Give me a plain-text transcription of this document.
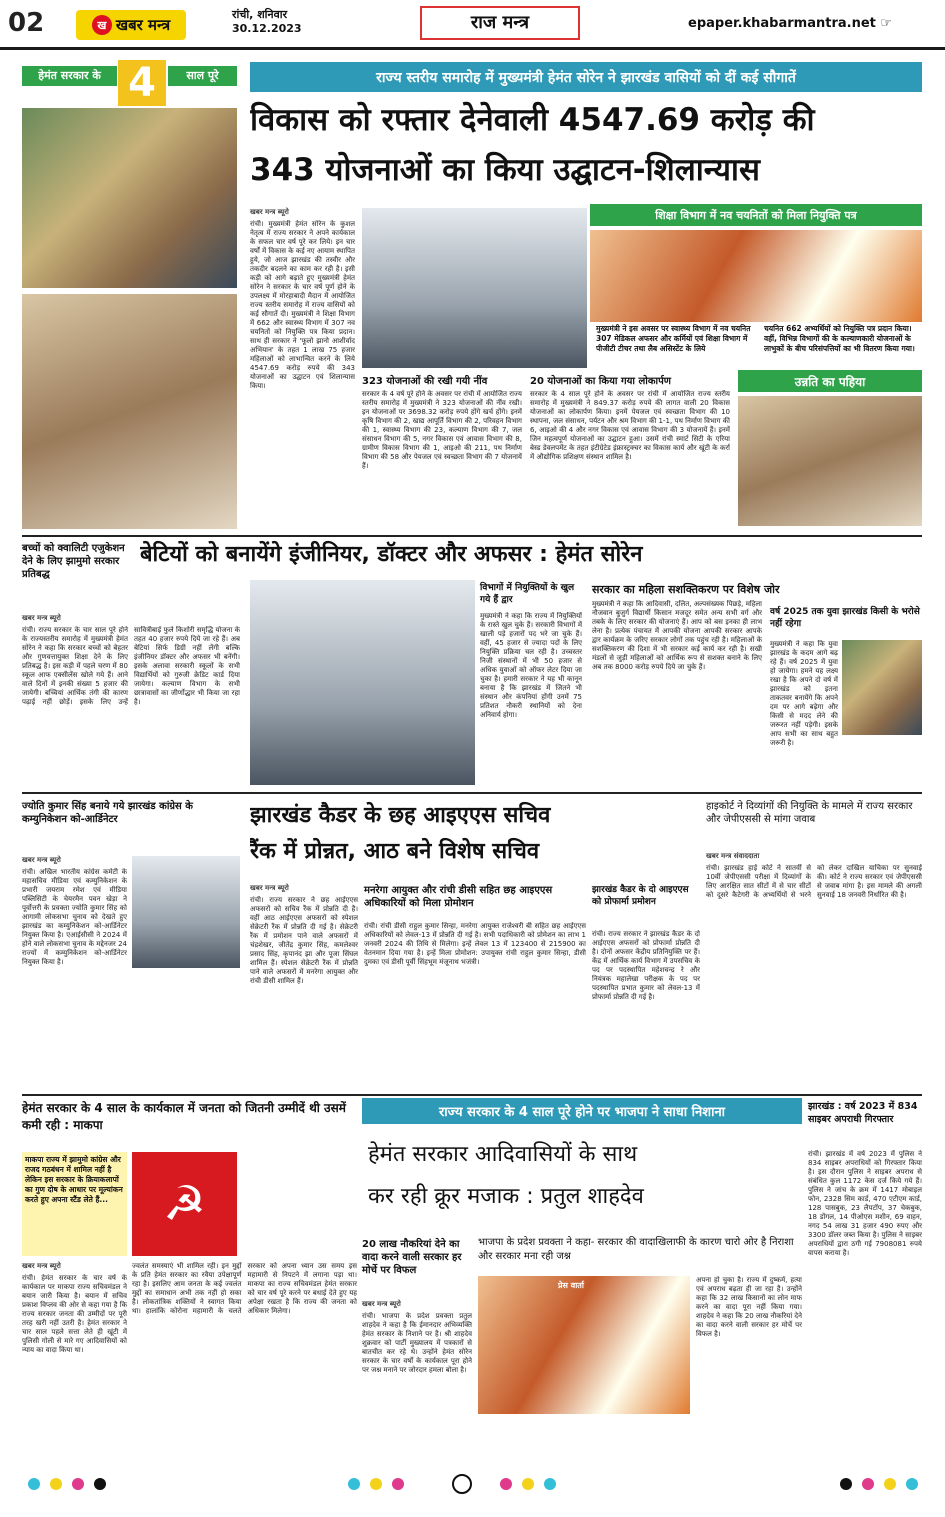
02	ख खबर मन्त्र
रांची, शनिवार
30.12.2023	राज मन्त्र	epaper.khabarmantra.net ☞
हेमंत सरकार के 4	साल पूरे	राज्य स्तरीय समारोह में मुख्यमंत्री हेमंत सोरेन ने झारखंड वासियों को दीं कई सौगातें
विकास को रफ्तार देनेवाली 4547.69 करोड़ की
343 योजनाओं का किया उद्घाटन-शिलान्यास
खबर मन्त्र ब्यूरो
रांची। मुख्यमंत्री हेमंत सोरेन के कुशल नेतृत्व में राज्य सरकार ने अपने कार्यकाल के सफल चार वर्ष पूरे कर लिये। इन चार वर्षों में विकास के कई नए आयाम स्थापित हुये, जो आज झारखंड की तस्वीर और तकदीर बदलने का काम कर रही है। इसी कड़ी को आगे बढ़ाते हुए मुख्यमंत्री हेमंत सोरेन ने सरकार के चार वर्ष पूर्ण होने के उपलक्ष्य में मोरहाबादी मैदान में आयोजित राज्य स्तरीय समारोह में राज्य वासियों को कई सौगातें दी। मुख्यमंत्री ने शिक्षा विभाग में 662 और स्वास्थ्य विभाग में 307 नव चयनितों को नियुक्ति पत्र किया प्रदान। साथ ही सरकार ने 'फूलो झानो आशीर्वाद अभियान' के तहत 1 लाख 75 हजार महिलाओं को लाभान्वित करने के लिये 4547.69 करोड़ रुपये की 343 योजनाओं का उद्घाटन एवं शिलान्यास किया।
शिक्षा विभाग में नव चयनितों को मिला नियुक्ति पत्र
मुख्यमंत्री ने इस अवसर पर स्वास्थ्य विभाग में नव चयनित 307 मेडिकल अफसर और कर्मियों एवं शिक्षा विभाग में पीजीटी टीचर तथा लैब असिस्टेंट के लिये
चयनित 662 अभ्यर्थियों को नियुक्ति पत्र प्रदान किया। वहीं, विभिन्न विभागों की के कल्याणकारी योजनाओं के लाभुकों के बीच परिसंपत्तियों का भी वितरण किया गया।
323 योजनाओं की रखी गयी नींव
सरकार के 4 वर्ष पूरे होने के अवसर पर रांची में आयोजित राज्य स्तरीय समारोह में मुख्यमंत्री ने 323 योजनाओं की नींव रखी। इन योजनाओं पर 3698.32 करोड़ रुपये होंगे खर्च होंगे। इनमें कृषि विभाग की 2, खाद्य आपूर्ति विभाग की 2, परिवहन विभाग की 1, स्वास्थ्य विभाग की 23, कल्याण विभाग की 7, जल संसाधन विभाग की 5, नगर विकास एवं आवास विभाग की 8, ग्रामीण विकास विभाग की 1, आइओ की 211, पथ निर्माण विभाग की 58 और पेयजल एवं स्वच्छता विभाग की 7 योजनायें हैं।
20 योजनाओं का किया गया लोकार्पण
सरकार के 4 साल पूरे होने के अवसर पर रांची में आयोजित राज्य स्तरीय समारोह में मुख्यमंत्री ने 849.37 करोड़ रुपये की लागत वाली 20 विकास योजनाओं का लोकार्पण किया। इनमें पेयजल एवं स्वच्छता विभाग की 10 स्थापना, जल संसाधन, पर्यटन और श्रम विभाग की 1-1, पथ निर्माण विभाग की 6, आइओ की 4 और नगर विकास एवं आवास विभाग की 3 योजनायें हैं। इनमें जिन महत्वपूर्ण योजनाओं का उद्घाटन हुआ। उसमें रांची स्मार्ट सिटी के एरिया बेस्ड डेवलपमेंट के तहत इंटीग्रेटेड इंफ्रास्ट्रक्चर का विकास कार्य और खूंटी के कर्रा में औद्योगिक प्रशिक्षण संस्थान शामिल है।
उन्नति का पहिया
बच्चों को क्वालिटी एजुकेशन देने के लिए झामुमो सरकार प्रतिबद्ध
बेटियों को बनायेंगे इंजीनियर, डॉक्टर और अफसर : हेमंत सोरेन
खबर मन्त्र ब्यूरो
रांची। राज्य सरकार के चार साल पूरे होने के राज्यस्तरीय समारोह में मुख्यमंत्री हेमंत सोरेन ने कहा कि सरकार बच्चों को बेहतर और गुणवत्तायुक्त शिक्षा देने के लिए प्रतिबद्ध है। इस कड़ी में पहले चरण में 80 स्कूल आफ एक्सीलेंस खोले गये हैं। आने वाले दिनों में इनकी संख्या 5 हजार की जायेगी। बच्चियां आर्थिक तंगी की कारण पढ़ाई नहीं छोड़ें। इसके लिए उन्हें सावित्रीबाई फुले किशोरी समृद्धि योजना के तहत 40 हजार रुपये दिये जा रहे हैं। अब बेटियां सिर्फ डिग्री नहीं लेंगी बल्कि इंजीनियर डॉक्टर और अफसर भी बनेंगी। इसके अलावा सरकारी स्कूलों के सभी विद्यार्थियों को गुरुजी क्रेडिट कार्ड दिया जायेगा। कल्याण विभाग के सभी छात्रावासों का जीर्णोद्धार भी किया जा रहा है।
विभागों में नियुक्तियों के खुल गये हैं द्वार
मुख्यमंत्री ने कहा कि राज्य में नियुक्तियों के रास्ते खुल चुके हैं। सरकारी विभागों में खाली पड़े हजारों पद भरे जा चुके हैं। वहीं, 45 हजार से ज्यादा पदों के लिए नियुक्ति प्रक्रिया चल रही है। उच्चस्तर निजी संस्थानों में भी 50 हजार से अधिक युवाओं को ऑफर लेटर दिया जा चुका है। हमारी सरकार ने यह भी कानून बनाया है कि झारखंड में जितने भी संस्थान और कंपनियां होंगी उनमें 75 प्रतिशत नौकरी स्थानियों को देना अनिवार्य होगा।
सरकार का महिला सशक्तिकरण पर विशेष जोर
मुख्यमंत्री ने कहा कि आदिवासी, दलित, अल्पसंख्यक पिछड़े, महिला नौजवान बुजुर्ग विद्यार्थी किसान मजदूर समेत अन्य सभी वर्ग और तबके के लिए सरकार की योजनाएं हैं। आप को बस इनका ही लाभ लेना है। प्रत्येक पंचायत में आपकी योजना आपकी सरकार आपके द्वार कार्यक्रम के जरिए सरकार लोगों तक पहुंच रही है। महिलाओं के सशक्तिकरण की दिशा में भी सरकार कई कार्य कर रही है। सखी मंडलों से जुड़ी महिलाओं को आर्थिक रूप से सशक्त बनाने के लिए अब तक 8000 करोड़ रुपये दिये जा चुके हैं।
वर्ष 2025 तक युवा झारखंड किसी के भरोसे नहीं रहेगा
मुख्यमंत्री ने कहा कि युवा झारखंड के कदम आगे बढ़ रहे हैं। वर्ष 2025 में युवा हो जायेगा। हमने यह लक्ष्य रखा है कि अपने दो वर्ष में झारखंड को इतना ताकतवर बनायेंगे कि अपने दम पर आगे बढ़ेगा और किसी से मदद लेने की जरूरत नहीं पड़ेगी। इसके आप सभी का साथ बहुत जरूरी है।
ज्योति कुमार सिंह बनाये गये झारखंड कांग्रेस के कम्युनिकेशन को-आर्डिनेटर
खबर मन्त्र ब्यूरो
रांची। अखिल भारतीय कांग्रेस कमेटी के महासचिव मीडिया एवं कम्युनिकेशन के प्रभारी जयराम रमेश एवं मीडिया पब्लिसिटी के चेयरमैन पवन खेड़ा ने पूर्वोत्तरी के प्रवक्ता ज्योति कुमार सिंह को आगामी लोकसभा चुनाव को देखते हुए झारखंड का कम्युनिकेशन को-आर्डिनेटर नियुक्त किया है। एआईसीसी ने 2024 में होने वाले लोकसभा चुनाव के मद्देनजर 24 राज्यों में कम्युनिकेशन को-आर्डिनेटर नियुक्त किया है।
झारखंड कैडर के छह आइएएस सचिव
रैंक में प्रोन्नत, आठ बने विशेष सचिव
खबर मन्त्र ब्यूरो
रांची। राज्य सरकार ने छह आईएएस अफसरों को सचिव रैंक में प्रोन्नति दी है। वहीं आठ आईएएस अफसरों को स्पेशल सेक्रेटरी रैंक में प्रोन्नति दी गई है। सेक्रेटरी रैंक में प्रमोशन पाने वाले अफसरों में चंद्रशेखर, जीतेंद्र कुमार सिंह, कमलेश्वर प्रसाद सिंह, कृपानंद झा और पूजा सिंघल शामिल हैं। स्पेशल सेक्रेटरी रैंक में प्रोन्नति पाने वाले अफसरों में मनरेगा आयुक्त और रांची डीसी शामिल हैं।
मनरेगा आयुक्त और रांची डीसी सहित छह आइएएस अधिकारियों को मिला प्रोमोशन
रांची। रांची डीसी राहुल कुमार सिन्हा, मनरेगा आयुक्त राजेश्वरी बी सहित छह आईएएस अधिकारियों को लेवल-13 में प्रोन्नति दी गई है। सभी पदाधिकारी को प्रोमेशन का लाभ 1 जनवरी 2024 की तिथि से मिलेगा। इन्हें लेवल 13 में 123400 से 215900 का वेतनमान दिया गया है। इन्हें मिला प्रोमोशन: उपायुक्त रांची राहुल कुमार सिन्हा, डीसी दुमका एवं डीसी पूर्वी सिंहभूम मंजूनाथ भजंत्री।
झारखंड कैडर के दो आइएएस को प्रोफार्मा प्रमोशन
रांची। राज्य सरकार ने झारखंड कैडर के दो आईएएस अफसरों को प्रोफार्मा प्रोन्नति दी है। दोनों अफसर केंद्रीय प्रतिनियुक्ति पर हैं। केंद्र में आर्थिक कार्य विभाग में उपसचिव के पद पर पदस्थापित महेशचन्द्र रे और नियंत्रक महालेखा परीक्षक के पद पर पदस्थापित प्रभात कुमार को लेवल-13 में प्रोफार्मा प्रोन्नति दी गई है।
हाइकोर्ट ने दिव्यांगों की नियुक्ति के मामले में राज्य सरकार और जेपीएससी से मांगा जवाब
खबर मन्त्र संवाददाता
रांची। झारखंड हाई कोर्ट ने सातवीं से 10वीं जेपीएससी परीक्षा में दिव्यांगों के लिए आरक्षित सात सीटों में से चार सीटों को दूसरे कैटेगरी के अभ्यर्थियों से भरने को लेकर दाखिल याचिका पर सुनवाई की। कोर्ट ने राज्य सरकार एवं जेपीएससी से जवाब मांगा है। इस मामले की अगली सुनवाई 18 जनवरी निर्धारित की है।
हेमंत सरकार के 4 साल के कार्यकाल में जनता को जितनी उम्मीदें थी उसमें कमी रही : माकपा
माकपा राज्य में झामुमो कांग्रेस और राजद गठबंधन में शामिल नहीं है लेकिन इस सरकार के क्रियाकलापों का गुण दोष के आधार पर मूल्यांकन करते हुए अपना स्टैंड लेते हैं...	☭
खबर मन्त्र ब्यूरो
रांची। हेमंत सरकार के चार वर्ष के कार्यकाल पर माकपा राज्य सचिवमंडल ने बयान जारी किया है। बयान में सचिव प्रकाश विप्लव की ओर से कहा गया है कि राज्य सरकार जनता की उम्मीदों पर पूरी तरह खरी नहीं उतरी है। हेमंत सरकार ने चार साल पहले सत्ता लेते ही खूंटी में पुलिसी गोली से मारे गए आदिवासियों को न्याय का वादा किया था।
ज्वलंत समस्याएं भी शामिल रही। इन मुद्दों के प्रति हेमंत सरकार का रवैया उपेक्षापूर्ण रहा है। इसलिए आम जनता के कई ज्वलंत मुद्दों का समाधान अभी तक नहीं हो सका है। लोकतांत्रिक शक्तियों ने स्वागत किया था। हालांकि कोरोना महामारी के चलते सरकार को अपना ध्यान उस समय इस महामारी से निपटने में लगाना पड़ा था। माकपा का राज्य सचिवमंडल हेमंत सरकार को चार वर्ष पूरे करने पर बधाई देते हुए यह अपेक्षा रखता है कि राज्य की जनता को अधिकार मिलेगा।
राज्य सरकार के 4 साल पूरे होने पर भाजपा ने साधा निशाना
हेमंत सरकार आदिवासियों के साथ
कर रही क्रूर मजाक : प्रतुल शाहदेव
20 लाख नौकरियां देने का वादा करने वाली सरकार हर मोर्चे पर विफल
भाजपा के प्रदेश प्रवक्ता ने कहा- सरकार की वादाखिलाफी के कारण चारो ओर है निराशा और सरकार मना रही जश्न
खबर मन्त्र ब्यूरो
रांची। भाजपा के प्रदेश प्रवक्ता प्रतुल शाहदेव ने कहा है कि ईमानदार अभिव्यक्ति हेमंत सरकार के निशाने पर है। श्री शाहदेव शुक्रवार को पार्टी मुख्यालय में पत्रकारों से बातचीत कर रहे थे। उन्होंने हेमंत सोरेन सरकार के चार वर्षों के कार्यकाल पूरा होने पर जश्न मनाने पर जोरदार हमला बोला है।
प्रेस वार्ता
अपना हो चुका है। राज्य में दुष्कर्म, हत्या एवं अपराध बढ़ता ही जा रहा है। उन्होंने कहा कि 32 लाख किसानों का लोन माफ करने का वादा पूरा नहीं किया गया। शाहदेव ने कहा कि 20 लाख नौकरियां देने का वादा करने वाली सरकार हर मोर्चे पर विफल है।
झारखंड : वर्ष 2023 में 834 साइबर अपराधी गिरफ्तार
रांची। झारखंड में वर्ष 2023 में पुलिस ने 834 साइबर अपराधियों को गिरफ्तार किया है। इस दौरान पुलिस ने साइबर अपराध से संबंधित कुल 1172 केस दर्ज किये गये हैं। पुलिस ने जांच के क्रम में 1417 मोबाइल फोन, 2328 सिम कार्ड, 470 एटीएम कार्ड, 128 पासबुक, 23 लैपटॉप, 37 चेकबुक, 18 डोंगल, 14 पीओएस मशीन, 69 वाहन, नगद 54 लाख 31 हजार 490 रुपए और 3300 डॉलर जब्त किया है। पुलिस ने साइबर अपराधियों द्वारा ठगी गई 7908081 रुपये वापस कराया है।
